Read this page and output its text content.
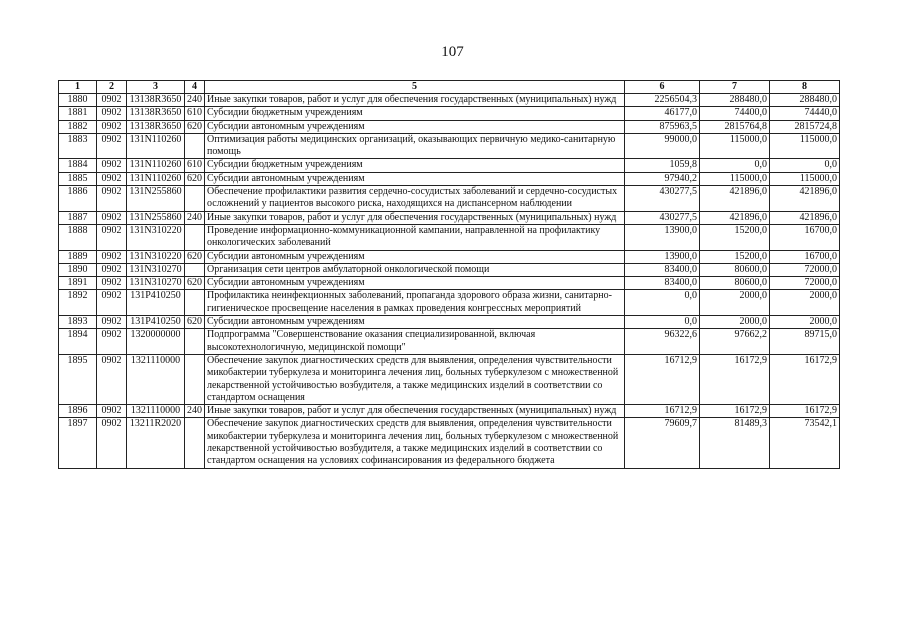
107
1	2	3	4	5	6	7	8
1880	0902	13138R3650	240	Иные закупки товаров, работ и услуг для обеспечения государственных (муниципальных) нужд	2256504,3	288480,0	288480,0
1881	0902	13138R3650	610	Субсидии бюджетным учреждениям	46177,0	74400,0	74440,0
1882	0902	13138R3650	620	Субсидии автономным учреждениям	875963,5	2815764,8	2815724,8
1883	0902	131N110260		Оптимизация работы медицинских организаций, оказывающих первичную медико-санитарную помощь	99000,0	115000,0	115000,0
1884	0902	131N110260	610	Субсидии бюджетным учреждениям	1059,8	0,0	0,0
1885	0902	131N110260	620	Субсидии автономным учреждениям	97940,2	115000,0	115000,0
1886	0902	131N255860		Обеспечение профилактики развития сердечно-сосудистых заболеваний и сердечно-сосудистых осложнений у пациентов высокого риска, находящихся на диспансерном наблюдении	430277,5	421896,0	421896,0
1887	0902	131N255860	240	Иные закупки товаров, работ и услуг для обеспечения государственных (муниципальных) нужд	430277,5	421896,0	421896,0
1888	0902	131N310220		Проведение информационно-коммуникационной кампании, направленной на профилактику онкологических заболеваний	13900,0	15200,0	16700,0
1889	0902	131N310220	620	Субсидии автономным учреждениям	13900,0	15200,0	16700,0
1890	0902	131N310270		Организация сети центров амбулаторной онкологической помощи	83400,0	80600,0	72000,0
1891	0902	131N310270	620	Субсидии автономным учреждениям	83400,0	80600,0	72000,0
1892	0902	131P410250		Профилактика неинфекционных заболеваний, пропаганда здорового образа жизни, санитарно-гигиеническое просвещение населения в рамках проведения конгрессных мероприятий	0,0	2000,0	2000,0
1893	0902	131P410250	620	Субсидии автономным учреждениям	0,0	2000,0	2000,0
1894	0902	1320000000		Подпрограмма "Совершенствование оказания специализированной, включая высокотехнологичную, медицинской помощи"	96322,6	97662,2	89715,0
1895	0902	1321110000		Обеспечение закупок диагностических средств для выявления, определения чувствительности микобактерии туберкулеза и мониторинга лечения лиц, больных туберкулезом с множественной лекарственной устойчивостью возбудителя, а также медицинских изделий в соответствии со стандартом оснащения	16712,9	16172,9	16172,9
1896	0902	1321110000	240	Иные закупки товаров, работ и услуг для обеспечения государственных (муниципальных) нужд	16712,9	16172,9	16172,9
1897	0902	13211R2020		Обеспечение закупок диагностических средств для выявления, определения чувствительности микобактерии туберкулеза и мониторинга лечения лиц, больных туберкулезом с множественной лекарственной устойчивостью возбудителя, а также медицинских изделий в соответствии со стандартом оснащения на условиях софинансирования из федерального бюджета	79609,7	81489,3	73542,1
